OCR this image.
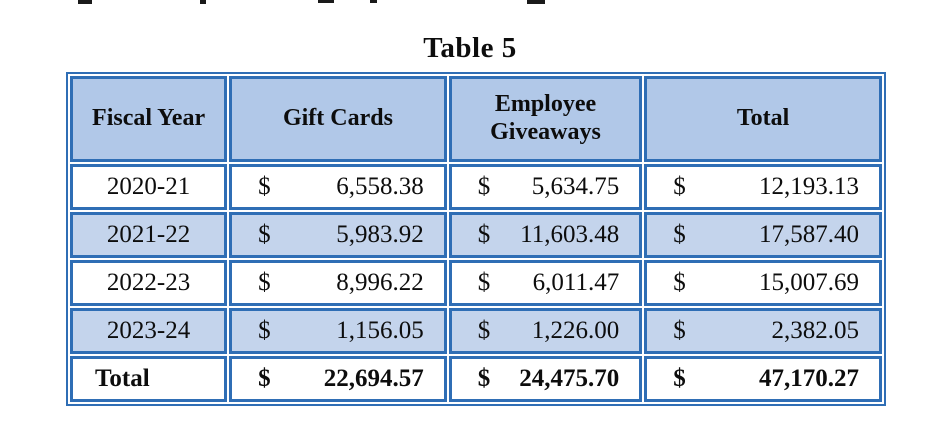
Table 5
Fiscal Year	Gift Cards	Employee Giveaways	Total
2020-21	$ 6,558.38	$ 5,634.75	$ 12,193.13

2021-22	$ 5,983.92	$ 11,603.48	$ 17,587.40

2022-23	$ 8,996.22	$ 6,011.47	$ 15,007.69

2023-24	$ 1,156.05	$ 1,226.00	$ 2,382.05

Total	$ 22,694.57	$ 24,475.70	$ 47,170.27
